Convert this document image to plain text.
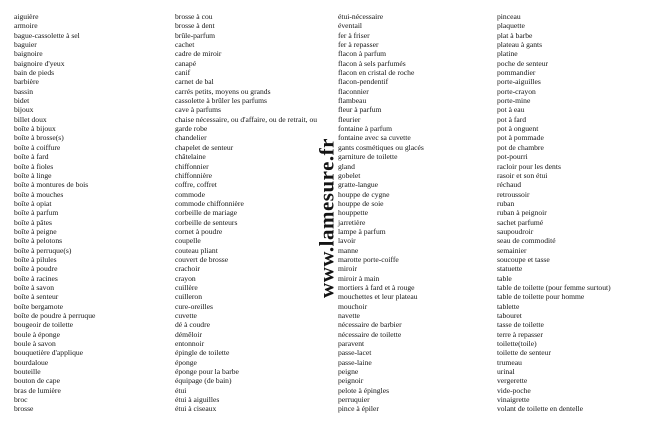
aiguière
armoire
bague-cassolette à sel
baguier
baignoire
baignoire d'yeux
bain de pieds
barbière
bassin
bidet
bijoux
billet doux
boîte à bijoux
boîte à brosse(s)
boîte à coiffure
boîte à fard
boîte à fioles
boîte à linge
boîte à montures de bois
boîte à mouches
boîte à opiat
boîte à parfum
boîte à pâtes
boîte à peigne
boîte à pelotons
boîte à perruque(s)
boîte à pilules
boîte à poudre
boîte à racines
boîte à savon
boîte à senteur
boîte bergamote
boîte de poudre à perruque
bougeoir de toilette
boule à éponge
boule à savon
bouquetière d'applique
bourdaloue
bouteille
bouton de cape
bras de lumière
broc
brosse
brosse à cou
brosse à dent
brûle-parfum
cachet
cadre de miroir
canapé
canif
carnet de bal
carrés petits, moyens ou grands
cassolette à brûler les parfums
cave à parfums
chaise nécessaire, ou d'affaire, ou de retrait, ou
garde robe
chandelier
chapelet de senteur
châtelaine
chiffonnier
chiffonnière
coffre, coffret
commode
commode chiffonnière
corbeille de mariage
corbeille de senteurs
cornet à poudre
coupelle
couteau pliant
couvert de brosse
crachoir
crayon
cuillère
cuilleron
cure-oreilles
cuvette
dé à coudre
démêloir
entonnoir
épingle de toilette
éponge
éponge pour la barbe
équipage (de bain)
étui
étui à aiguilles
étui à ciseaux
étui-nécessaire
éventail
fer à friser
fer à repasser
flacon à parfum
flacon à sels parfumés
flacon en cristal de roche
flacon-pendentif
flaconnier
flambeau
fleur à parfum
fleurier
fontaine à parfum
fontaine avec sa cuvette
gants cosmétiques ou glacés
garniture de toilette
gland
gobelet
gratte-langue
houppe de cygne
houppe de soie
houppette
jarretière
lampe à parfum
lavoir
manne
marotte porte-coiffe
miroir
miroir à main
mortiers à fard et à rouge
mouchettes et leur plateau
mouchoir
navette
nécessaire de barbier
nécessaire de toilette
paravent
passe-lacet
passe-laine
peigne
peignoir
pelote à épingles
perruquier
pince à épiler
pinceau
plaquette
plat à barbe
plateau à gants
platine
poche de senteur
pommandier
porte-aiguilles
porte-crayon
porte-mine
pot à eau
pot à fard
pot à onguent
pot à pommade
pot de chambre
pot-pourri
racloir pour les dents
rasoir et son étui
réchaud
retroussoir
ruban
ruban à peignoir
sachet parfumé
saupoudroir
seau de commodité
semainier
soucoupe et tasse
statuette
table
table de toilette (pour femme surtout)
table de toilette pour homme
tablette
tabouret
tasse de toilette
terre à repasser
toilette(toile)
toilette de senteur
trumeau
urinal
vergerette
vide-poche
vinaigrette
volant de toilette en dentelle
www.lamesure.fr
